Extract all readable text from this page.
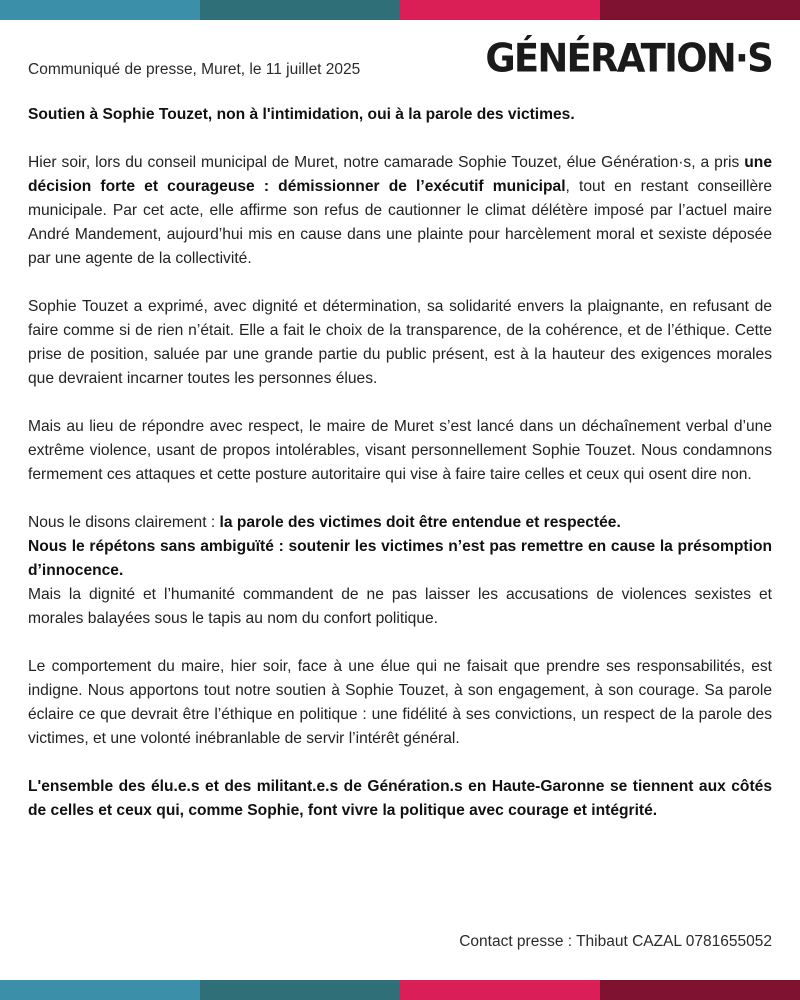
Communiqué de presse, Muret, le 11 juillet 2025	GÉNÉRATION·S

Soutien à Sophie Touzet, non à l'intimidation, oui à la parole des victimes.

Hier soir, lors du conseil municipal de Muret, notre camarade Sophie Touzet, élue Génération·s, a pris une décision forte et courageuse : démissionner de l’exécutif municipal, tout en restant conseillère municipale. Par cet acte, elle affirme son refus de cautionner le climat délétère imposé par l’actuel maire André Mandement, aujourd’hui mis en cause dans une plainte pour harcèlement moral et sexiste déposée par une agente de la collectivité.

Sophie Touzet a exprimé, avec dignité et détermination, sa solidarité envers la plaignante, en refusant de faire comme si de rien n’était. Elle a fait le choix de la transparence, de la cohérence, et de l’éthique. Cette prise de position, saluée par une grande partie du public présent, est à la hauteur des exigences morales que devraient incarner toutes les personnes élues.

Mais au lieu de répondre avec respect, le maire de Muret s’est lancé dans un déchaînement verbal d’une extrême violence, usant de propos intolérables, visant personnellement Sophie Touzet. Nous condamnons fermement ces attaques et cette posture autoritaire qui vise à faire taire celles et ceux qui osent dire non.

Nous le disons clairement : la parole des victimes doit être entendue et respectée.

Nous le répétons sans ambiguïté : soutenir les victimes n’est pas remettre en cause la présomption d’innocence.

Mais la dignité et l’humanité commandent de ne pas laisser les accusations de violences sexistes et morales balayées sous le tapis au nom du confort politique.

Le comportement du maire, hier soir, face à une élue qui ne faisait que prendre ses responsabilités, est indigne. Nous apportons tout notre soutien à Sophie Touzet, à son engagement, à son courage. Sa parole éclaire ce que devrait être l’éthique en politique : une fidélité à ses convictions, un respect de la parole des victimes, et une volonté inébranlable de servir l’intérêt général.

L'ensemble des élu.e.s et des militant.e.s de Génération.s en Haute-Garonne se tiennent aux côtés de celles et ceux qui, comme Sophie, font vivre la politique avec courage et intégrité.

Contact presse : Thibaut CAZAL 0781655052
